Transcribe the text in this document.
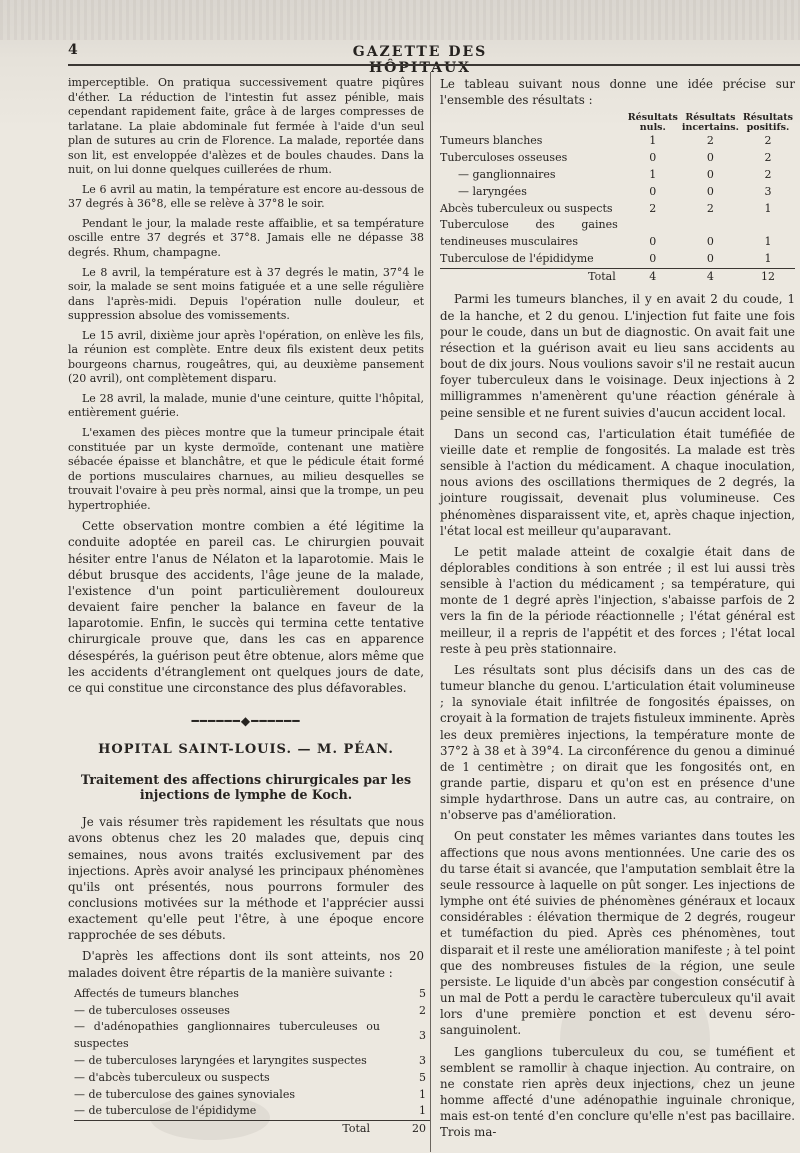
4	GAZETTE DES HÔPITAUX

imperceptible. On pratiqua successivement quatre piqûres d'éther. La réduction de l'intestin fut assez pénible, mais cependant rapidement faite, grâce à de larges compresses de tarlatane. La plaie abdominale fut fermée à l'aide d'un seul plan de sutures au crin de Florence. La malade, reportée dans son lit, est enveloppée d'alèzes et de boules chaudes. Dans la nuit, on lui donne quelques cuillerées de rhum.

Le 6 avril au matin, la température est encore au-dessous de 37 degrés à 36°8, elle se relève à 37°8 le soir.

Pendant le jour, la malade reste affaiblie, et sa température oscille entre 37 degrés et 37°8. Jamais elle ne dépasse 38 degrés. Rhum, champagne.

Le 8 avril, la température est à 37 degrés le matin, 37°4 le soir, la malade se sent moins fatiguée et a une selle régulière dans l'après-midi. Depuis l'opération nulle douleur, et suppression absolue des vomissements.

Le 15 avril, dixième jour après l'opération, on enlève les fils, la réunion est complète. Entre deux fils existent deux petits bourgeons charnus, rougeâtres, qui, au deuxième pansement (20 avril), ont complètement disparu.

Le 28 avril, la malade, munie d'une ceinture, quitte l'hôpital, entièrement guérie.

L'examen des pièces montre que la tumeur principale était constituée par un kyste dermoïde, contenant une matière sébacée épaisse et blanchâtre, et que le pédicule était formé de portions musculaires charnues, au milieu desquelles se trouvait l'ovaire à peu près normal, ainsi que la trompe, un peu hypertrophiée.

Cette observation montre combien a été légitime la conduite adoptée en pareil cas. Le chirurgien pouvait hésiter entre l'anus de Nélaton et la laparotomie. Mais le début brusque des accidents, l'âge jeune de la malade, l'existence d'un point particulièrement douloureux devaient faire pencher la balance en faveur de la laparotomie. Enfin, le succès qui termina cette tentative chirurgicale prouve que, dans les cas en apparence désespérés, la guérison peut être obtenue, alors même que les accidents d'étranglement ont quelques jours de date, ce qui constitue une circonstance des plus défavorables.

━━━━━━◆━━━━━━
HOPITAL SAINT-LOUIS. — M. PÉAN.
Traitement des affections chirurgicales par les injections de lymphe de Koch.

Je vais résumer très rapidement les résultats que nous avons obtenus chez les 20 malades que, depuis cinq semaines, nous avons traités exclusivement par des injections. Après avoir analysé les principaux phénomènes qu'ils ont présentés, nous pourrons formuler des conclusions motivées sur la méthode et l'apprécier aussi exactement qu'elle peut l'être, à une époque encore rapprochée de ses débuts.

D'après les affections dont ils sont atteints, nos 20 malades doivent être répartis de la manière suivante :

Affectés de tumeurs blanches	5
— de tuberculoses osseuses	2
— d'adénopathies ganglionnaires tuberculeuses ou suspectes	3
— de tuberculoses laryngées et laryngites suspectes	3
— d'abcès tuberculeux ou suspects	5
— de tuberculose des gaines synoviales	1
— de tuberculose de l'épididyme	1
Total	20

Le tableau suivant nous donne une idée précise sur l'ensemble des résultats :

	Résultats nuls.	Résultats incertains.	Résultats positifs.
Tumeurs blanches	1	2	2
Tuberculoses osseuses	0	0	2
— ganglionnaires	1	0	2
— laryngées	0	0	3
Abcès tuberculeux ou suspects	2	2	1
Tuberculose des gaines tendineuses musculaires	0	0	1
Tuberculose de l'épididyme	0	0	1
Total	4	4	12

Parmi les tumeurs blanches, il y en avait 2 du coude, 1 de la hanche, et 2 du genou. L'injection fut faite une fois pour le coude, dans un but de diagnostic. On avait fait une résection et la guérison avait eu lieu sans accidents au bout de dix jours. Nous voulions savoir s'il ne restait aucun foyer tuberculeux dans le voisinage. Deux injections à 2 milligrammes n'amenèrent qu'une réaction générale à peine sensible et ne furent suivies d'aucun accident local.

Dans un second cas, l'articulation était tuméfiée de vieille date et remplie de fongosités. La malade est très sensible à l'action du médicament. A chaque inoculation, nous avions des oscillations thermiques de 2 degrés, la jointure rougissait, devenait plus volumineuse. Ces phénomènes disparaissent vite, et, après chaque injection, l'état local est meilleur qu'auparavant.

Le petit malade atteint de coxalgie était dans de déplorables conditions à son entrée ; il est lui aussi très sensible à l'action du médicament ; sa température, qui monte de 1 degré après l'injection, s'abaisse parfois de 2 vers la fin de la période réactionnelle ; l'état général est meilleur, il a repris de l'appétit et des forces ; l'état local reste à peu près stationnaire.

Les résultats sont plus décisifs dans un des cas de tumeur blanche du genou. L'articulation était volumineuse ; la synoviale était infiltrée de fongosités épaisses, on croyait à la formation de trajets fistuleux imminente. Après les deux premières injections, la température monte de 37°2 à 38 et à 39°4. La circonférence du genou a diminué de 1 centimètre ; on dirait que les fongosités ont, en grande partie, disparu et qu'on est en présence d'une simple hydarthrose. Dans un autre cas, au contraire, on n'observe pas d'amélioration.

On peut constater les mêmes variantes dans toutes les affections que nous avons mentionnées. Une carie des os du tarse était si avancée, que l'amputation semblait être la seule ressource à laquelle on pût songer. Les injections de lymphe ont été suivies de phénomènes généraux et locaux considérables : élévation thermique de 2 degrés, rougeur et tuméfaction du pied. Après ces phénomènes, tout disparait et il reste une amélioration manifeste ; à tel point que des nombreuses fistules de la région, une seule persiste. Le liquide d'un abcès par congestion consécutif à un mal de Pott a perdu le caractère tuberculeux qu'il avait lors d'une première ponction et est devenu séro-sanguinolent.

Les ganglions tuberculeux du cou, se tuméfient et semblent se ramollir à chaque injection. Au contraire, on ne constate rien après deux injections, chez un jeune homme affecté d'une adénopathie inguinale chronique, mais est-on tenté d'en conclure qu'elle n'est pas bacillaire. Trois ma-
